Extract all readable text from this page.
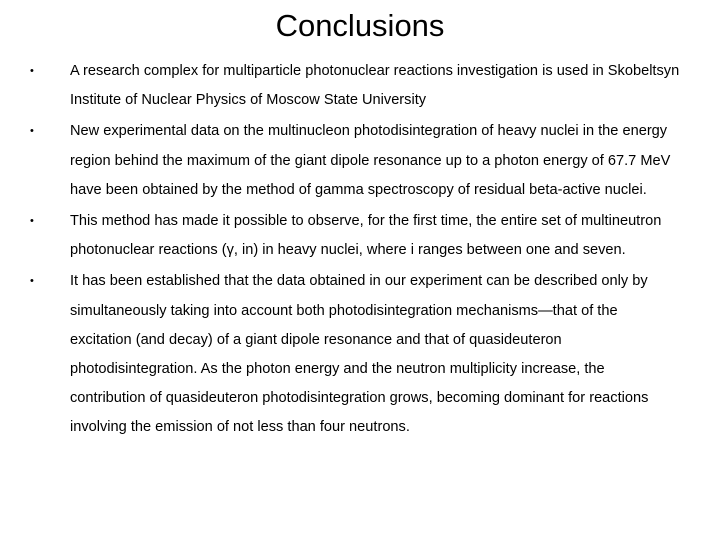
Conclusions
• A research complex for multiparticle photonuclear reactions investigation is used in Skobeltsyn Institute of Nuclear Physics of Moscow State University
• New experimental data on the multinucleon photodisintegration of heavy nuclei in the energy region behind the maximum of the giant dipole resonance up to a photon energy of 67.7 MeV have been obtained by the method of gamma spectroscopy of residual beta-active nuclei.
• This method has made it possible to observe, for the first time, the entire set of multineutron photonuclear reactions (γ, in) in heavy nuclei, where i ranges between one and seven.
• It has been established that the data obtained in our experiment can be described only by simultaneously taking into account both photodisintegration mechanisms—that of the excitation (and decay) of a giant dipole resonance and that of quasideuteron photodisintegration. As the photon energy and the neutron multiplicity increase, the contribution of quasideuteron photodisintegration grows, becoming dominant for reactions involving the emission of not less than four neutrons.
